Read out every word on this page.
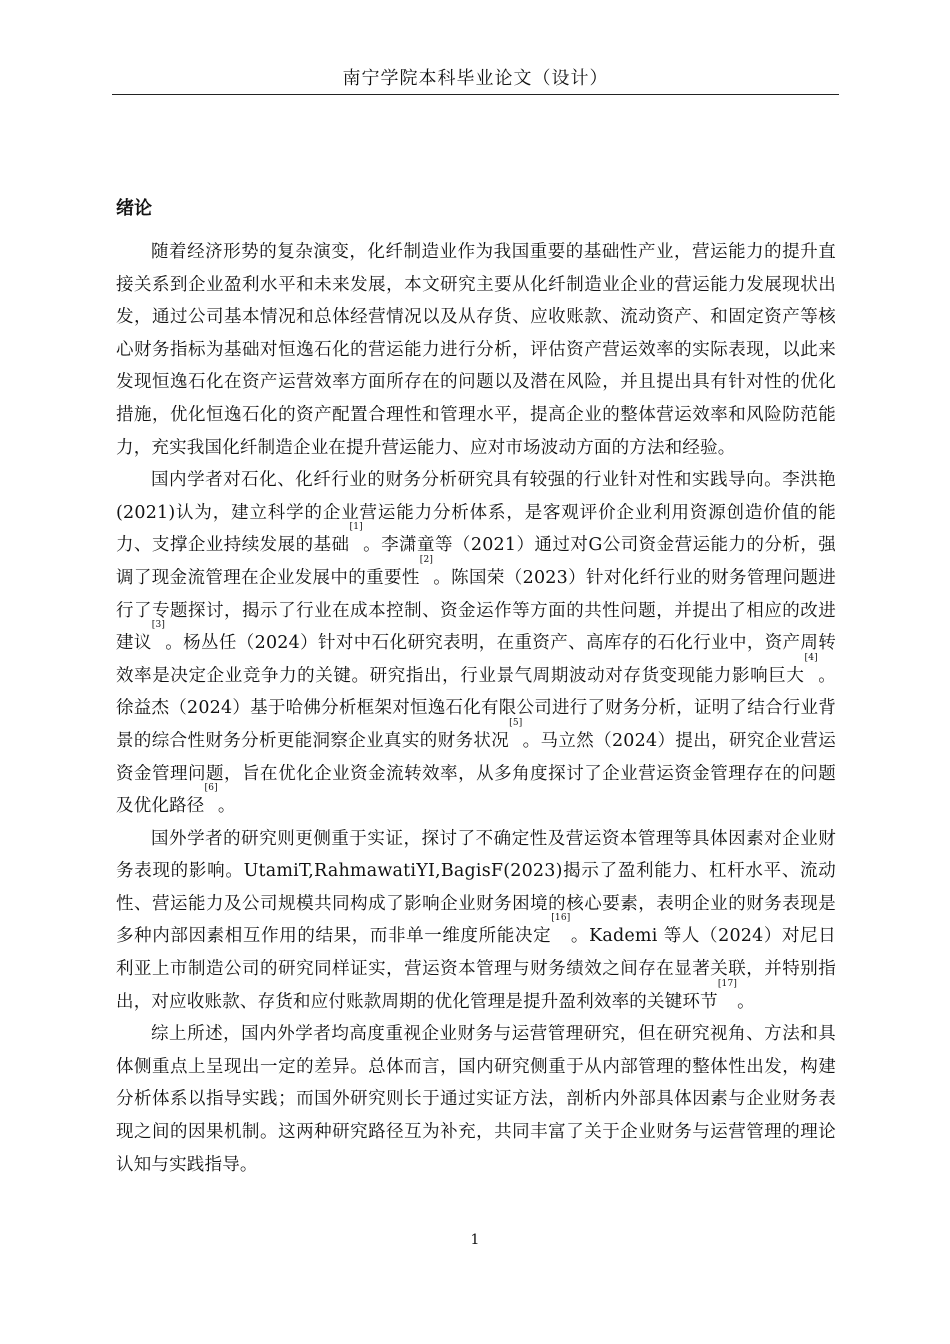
南宁学院本科毕业论文（设计）
绪论

随着经济形势的复杂演变，化纤制造业作为我国重要的基础性产业，营运能力的提升直接关系到企业盈利水平和未来发展，本文研究主要从化纤制造业企业的营运能力发展现状出发，通过公司基本情况和总体经营情况以及从存货、应收账款、流动资产、和固定资产等核心财务指标为基础对恒逸石化的营运能力进行分析，评估资产营运效率的实际表现，以此来发现恒逸石化在资产运营效率方面所存在的问题以及潜在风险，并且提出具有针对性的优化措施，优化恒逸石化的资产配置合理性和管理水平，提高企业的整体营运效率和风险防范能力，充实我国化纤制造企业在提升营运能力、应对市场波动方面的方法和经验。

国内学者对石化、化纤行业的财务分析研究具有较强的行业针对性和实践导向。李洪艳(2021)认为，建立科学的企业营运能力分析体系，是客观评价企业利用资源创造价值的能力、支撑企业持续发展的基础[1]。李潇童等（2021）通过对G公司资金营运能力的分析，强调了现金流管理在企业发展中的重要性[2]。陈国荣（2023）针对化纤行业的财务管理问题进行了专题探讨，揭示了行业在成本控制、资金运作等方面的共性问题，并提出了相应的改进建议[3]。杨丛任（2024）针对中石化研究表明，在重资产、高库存的石化行业中，资产周转效率是决定企业竞争力的关键。研究指出，行业景气周期波动对存货变现能力影响巨大[4]。徐益杰（2024）基于哈佛分析框架对恒逸石化有限公司进行了财务分析，证明了结合行业背景的综合性财务分析更能洞察企业真实的财务状况[5]。马立然（2024）提出，研究企业营运资金管理问题，旨在优化企业资金流转效率，从多角度探讨了企业营运资金管理存在的问题及优化路径[6]。

国外学者的研究则更侧重于实证，探讨了不确定性及营运资本管理等具体因素对企业财务表现的影响。UtamiT,RahmawatiYI,BagisF(2023)揭示了盈利能力、杠杆水平、流动性、营运能力及公司规模共同构成了影响企业财务困境的核心要素，表明企业的财务表现是多种内部因素相互作用的结果，而非单一维度所能决定[16]。Kademi 等人（2024）对尼日利亚上市制造公司的研究同样证实，营运资本管理与财务绩效之间存在显著关联，并特别指出，对应收账款、存货和应付账款周期的优化管理是提升盈利效率的关键环节[17]。

综上所述，国内外学者均高度重视企业财务与运营管理研究，但在研究视角、方法和具体侧重点上呈现出一定的差异。总体而言，国内研究侧重于从内部管理的整体性出发，构建分析体系以指导实践；而国外研究则长于通过实证方法，剖析内外部具体因素与企业财务表现之间的因果机制。这两种研究路径互为补充，共同丰富了关于企业财务与运营管理的理论认知与实践指导。

1
